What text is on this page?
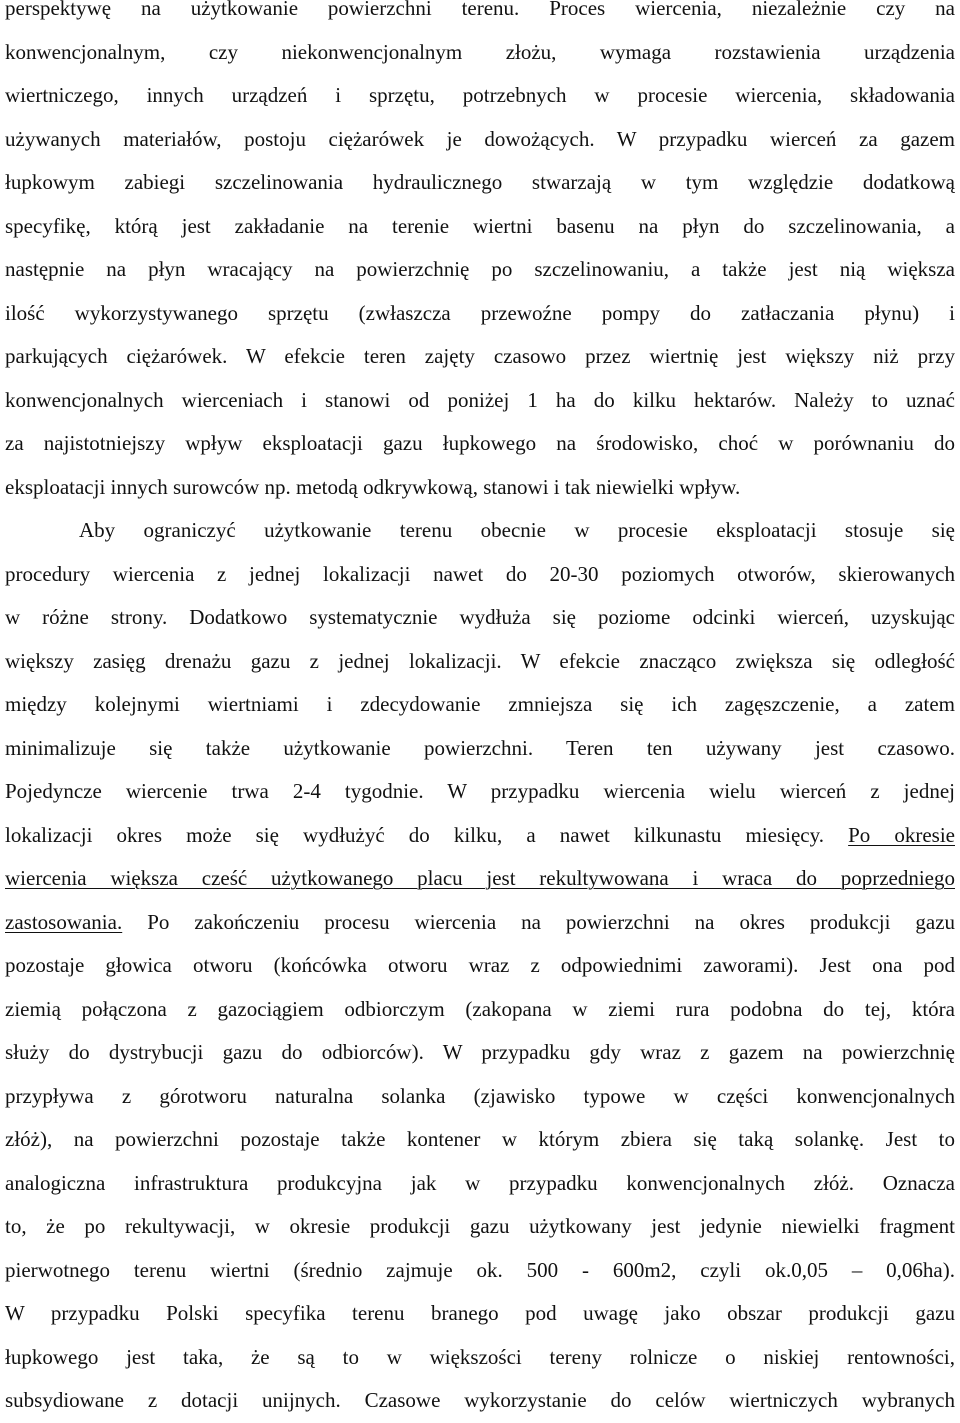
perspektywę na użytkowanie powierzchni terenu. Proces wiercenia, niezależnie czy na
konwencjonalnym, czy niekonwencjonalnym złożu, wymaga rozstawienia urządzenia
wiertniczego, innych urządzeń i sprzętu, potrzebnych w procesie wiercenia, składowania
używanych materiałów, postoju ciężarówek je dowożących. W przypadku wierceń za gazem
łupkowym zabiegi szczelinowania hydraulicznego stwarzają w tym względzie dodatkową
specyfikę, którą jest zakładanie na terenie wiertni basenu na płyn do szczelinowania, a
następnie na płyn wracający na powierzchnię po szczelinowaniu, a także jest nią większa
ilość wykorzystywanego sprzętu (zwłaszcza przewoźne pompy do zatłaczania płynu) i
parkujących ciężarówek. W efekcie teren zajęty czasowo przez wiertnię jest większy niż przy
konwencjonalnych wierceniach i stanowi od poniżej 1 ha do kilku hektarów. Należy to uznać
za najistotniejszy wpływ eksploatacji gazu łupkowego na środowisko, choć w porównaniu do
eksploatacji innych surowców np. metodą odkrywkową, stanowi i tak niewielki wpływ.
Aby ograniczyć użytkowanie terenu obecnie w procesie eksploatacji stosuje się
procedury wiercenia z jednej lokalizacji nawet do 20-30 poziomych otworów, skierowanych
w różne strony. Dodatkowo systematycznie wydłuża się poziome odcinki wierceń, uzyskując
większy zasięg drenażu gazu z jednej lokalizacji. W efekcie znacząco zwiększa się odległość
między kolejnymi wiertniami i zdecydowanie zmniejsza się ich zagęszczenie, a zatem
minimalizuje się także użytkowanie powierzchni. Teren ten używany jest czasowo.
Pojedyncze wiercenie trwa 2-4 tygodnie. W przypadku wiercenia wielu wierceń z jednej
lokalizacji okres może się wydłużyć do kilku, a nawet kilkunastu miesięcy. Po okresie
wiercenia większa cześć użytkowanego placu jest rekultywowana i wraca do poprzedniego
zastosowania. Po zakończeniu procesu wiercenia na powierzchni na okres produkcji gazu
pozostaje głowica otworu (końcówka otworu wraz z odpowiednimi zaworami). Jest ona pod
ziemią połączona z gazociągiem odbiorczym (zakopana w ziemi rura podobna do tej, która
służy do dystrybucji gazu do odbiorców). W przypadku gdy wraz z gazem na powierzchnię
przypływa z górotworu naturalna solanka (zjawisko typowe w części konwencjonalnych
złóż), na powierzchni pozostaje także kontener w którym zbiera się taką solankę. Jest to
analogiczna infrastruktura produkcyjna jak w przypadku konwencjonalnych złóż. Oznacza
to, że po rekultywacji, w okresie produkcji gazu użytkowany jest jedynie niewielki fragment
pierwotnego terenu wiertni (średnio zajmuje ok. 500 - 600m2, czyli ok.0,05 – 0,06ha).
W przypadku Polski specyfika terenu branego pod uwagę jako obszar produkcji gazu
łupkowego jest taka, że są to w większości tereny rolnicze o niskiej rentowności,
subsydiowane z dotacji unijnych. Czasowe wykorzystanie do celów wiertniczych wybranych
